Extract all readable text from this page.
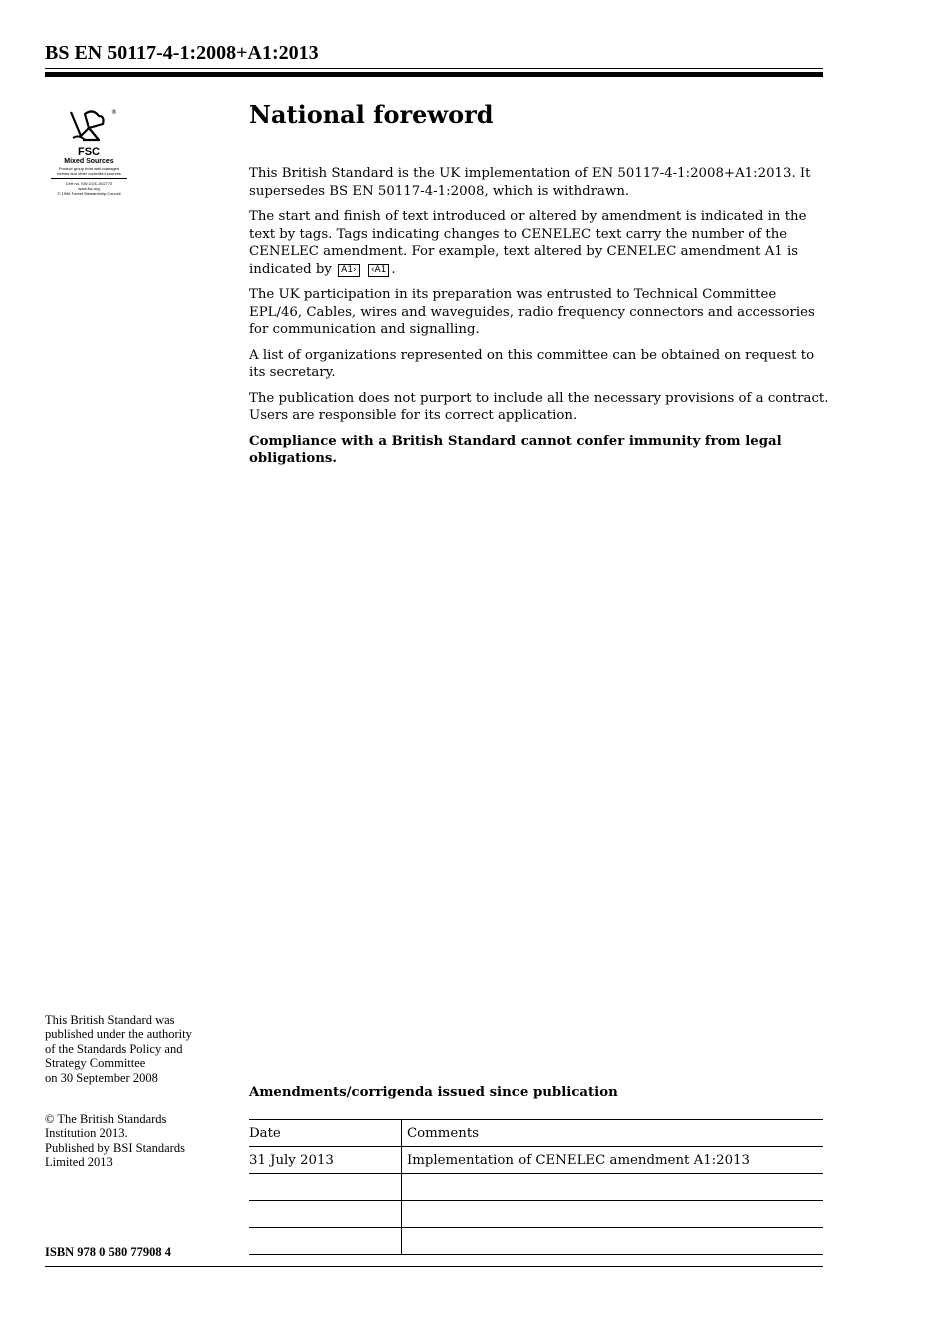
BS EN 50117-4-1:2008+A1:2013
®
FSC
Mixed Sources
Product group from well-managed
forests and other controlled sources
Cert no. SW-COC-002773
www.fsc.org
© 1996 Forest Stewardship Council
National foreword

This British Standard is the UK implementation of EN 50117-4-1:2008+A1:2013. It supersedes BS EN 50117-4-1:2008, which is withdrawn.

The start and finish of text introduced or altered by amendment is indicated in the text by tags. Tags indicating changes to CENELEC text carry the number of the CENELEC amendment. For example, text altered by CENELEC amendment A1 is indicated by A1› ‹A1 .

The UK participation in its preparation was entrusted to Technical Committee EPL/46, Cables, wires and waveguides, radio frequency connectors and accessories for communication and signalling.

A list of organizations represented on this committee can be obtained on request to its secretary.

The publication does not purport to include all the necessary provisions of a contract. Users are responsible for its correct application.

Compliance with a British Standard cannot confer immunity from legal obligations.

This British Standard was

published under the authority

of the Standards Policy and

Strategy Committee

on 30 September 2008

© The British Standards

Institution 2013.

Published by BSI Standards

Limited 2013

ISBN 978 0 580 77908 4
Amendments/corrigenda issued since publication
Date	Comments
31 July 2013	Implementation of CENELEC amendment A1:2013
